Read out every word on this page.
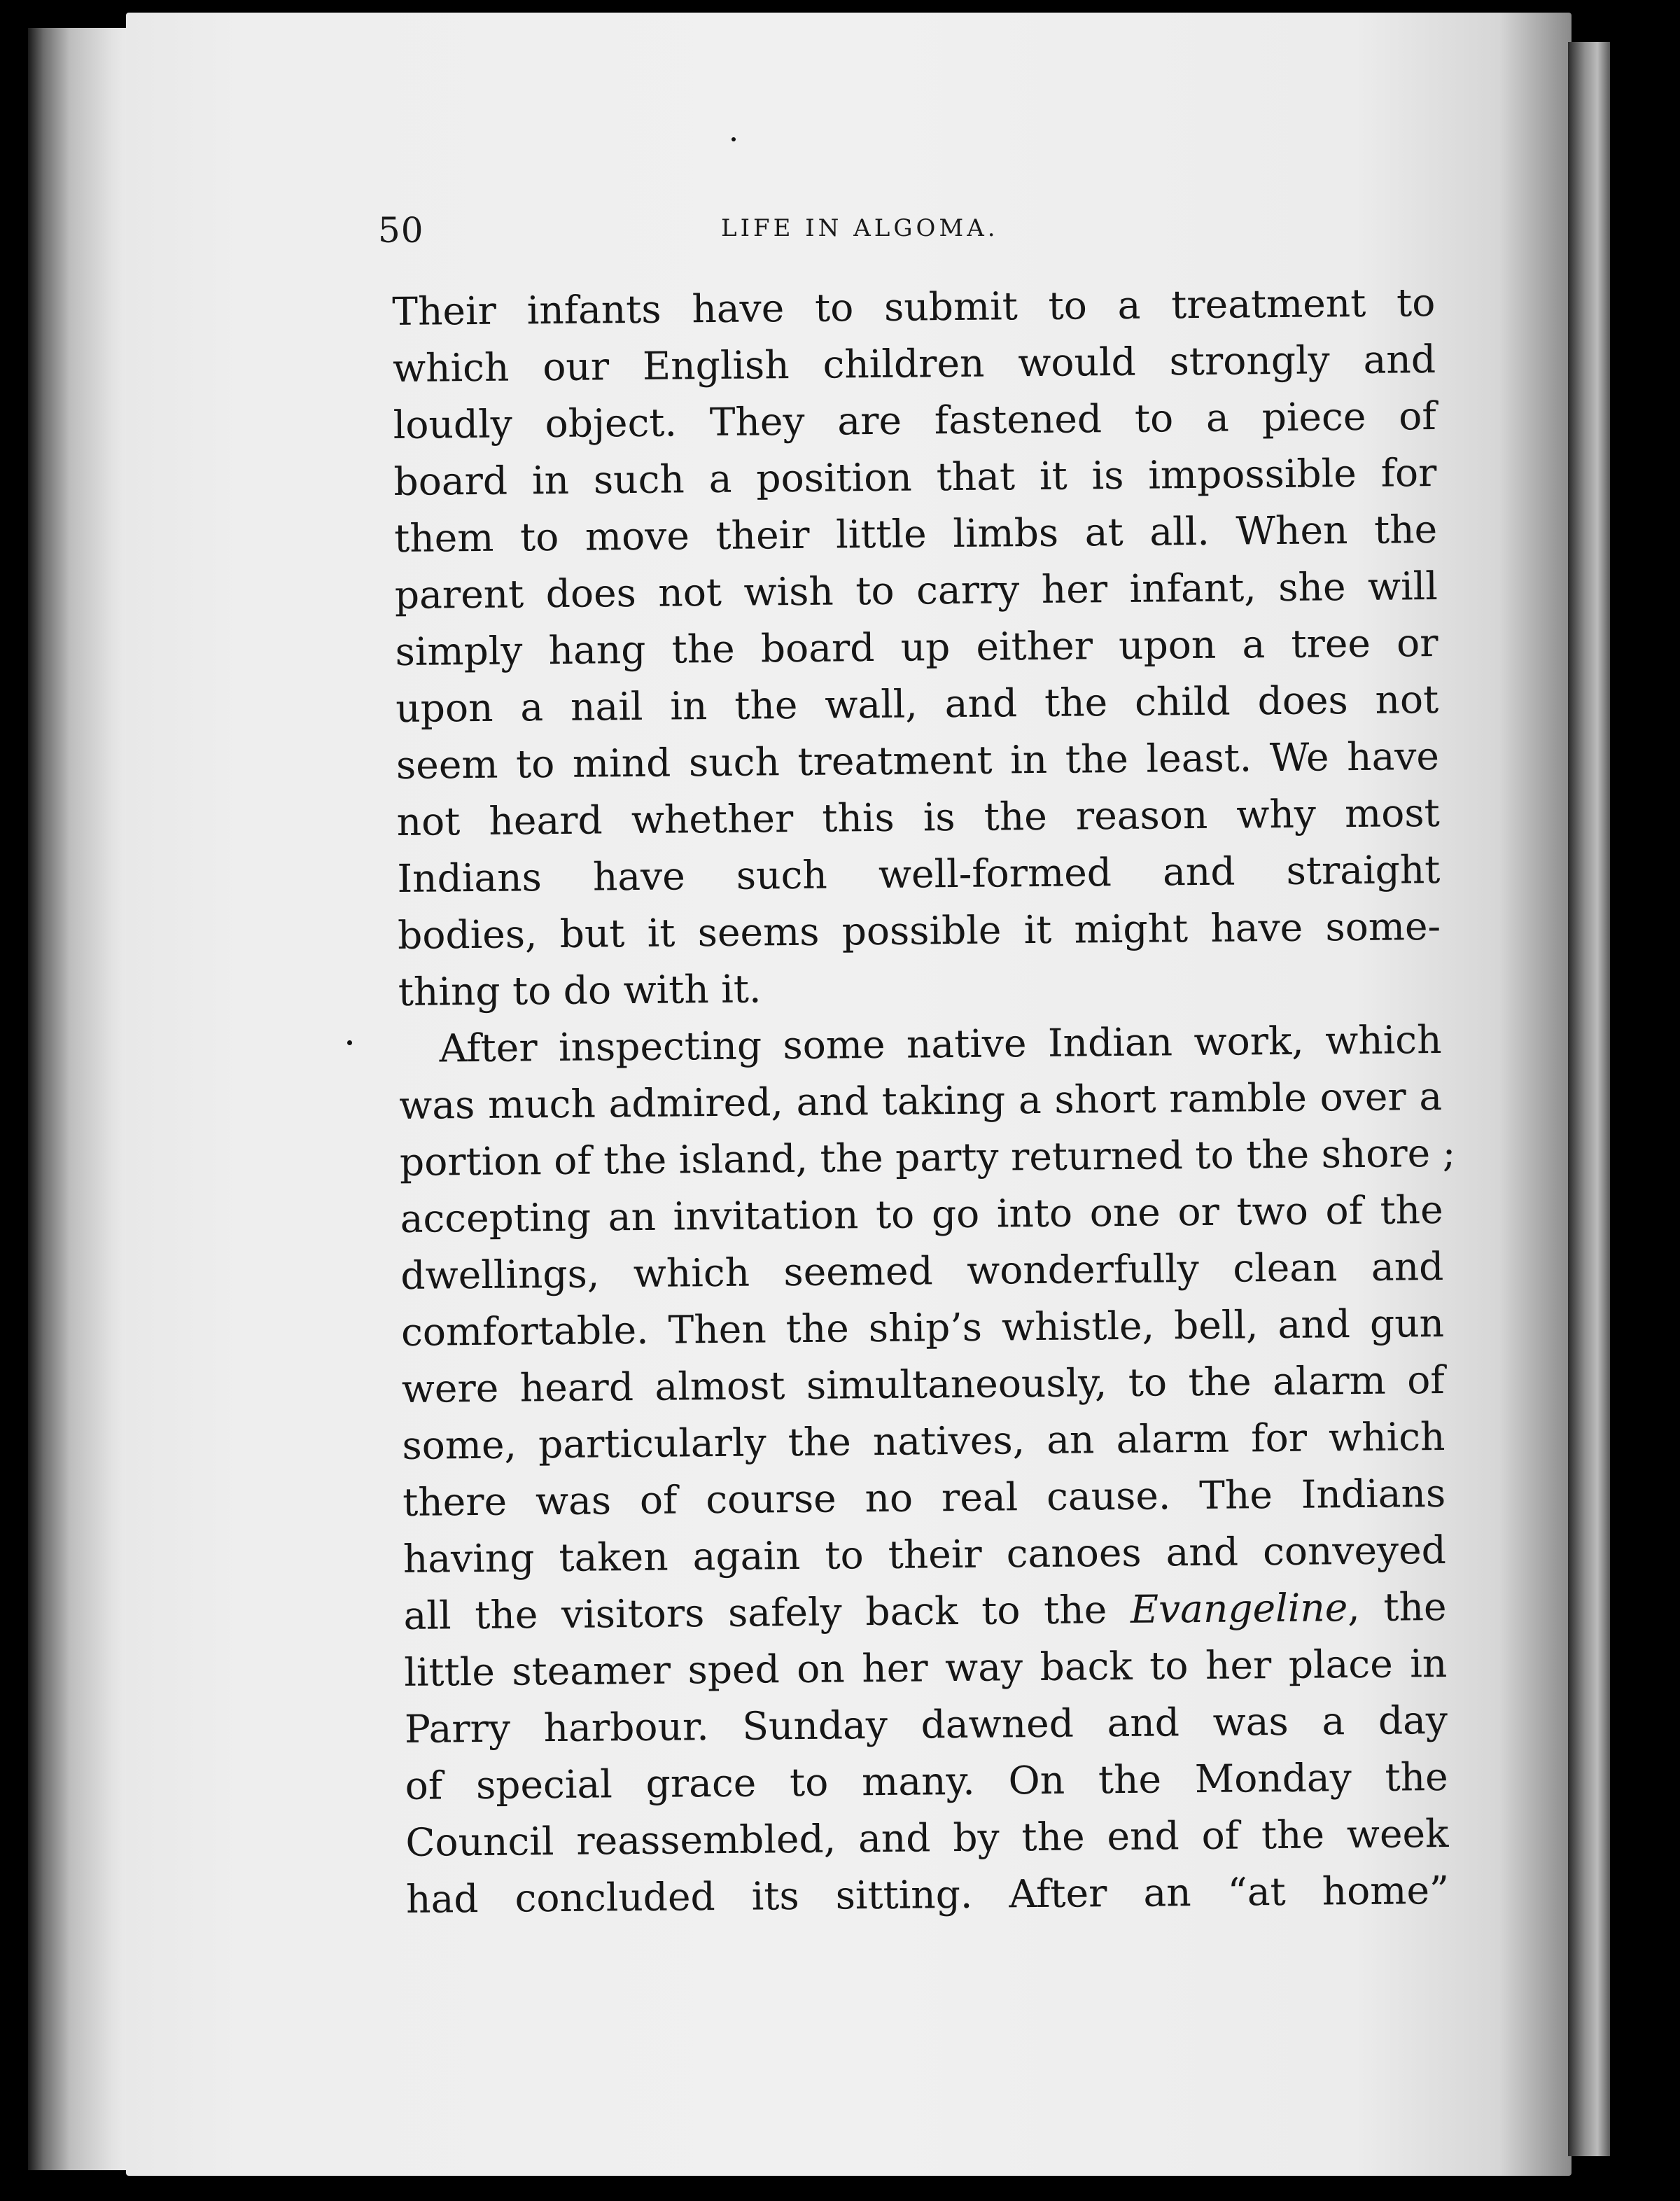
50	LIFE IN ALGOMA.
Their infants have to submit to a treatment to
which our English children would strongly and
loudly object. They are fastened to a piece of
board in such a position that it is impossible for
them to move their little limbs at all. When the
parent does not wish to carry her infant, she will
simply hang the board up either upon a tree or
upon a nail in the wall, and the child does not
seem to mind such treatment in the least. We have
not heard whether this is the reason why most
Indians have such well-formed and straight
bodies, but it seems possible it might have some-
thing to do with it.
After inspecting some native Indian work, which
was much admired, and taking a short ramble over a
portion of the island, the party returned to the shore ;
accepting an invitation to go into one or two of the
dwellings, which seemed wonderfully clean and
comfortable. Then the ship’s whistle, bell, and gun
were heard almost simultaneously, to the alarm of
some, particularly the natives, an alarm for which
there was of course no real cause. The Indians
having taken again to their canoes and conveyed
all the visitors safely back to the Evangeline, the
little steamer sped on her way back to her place in
Parry harbour. Sunday dawned and was a day
of special grace to many. On the Monday the
Council reassembled, and by the end of the week
had concluded its sitting. After an “at home”
